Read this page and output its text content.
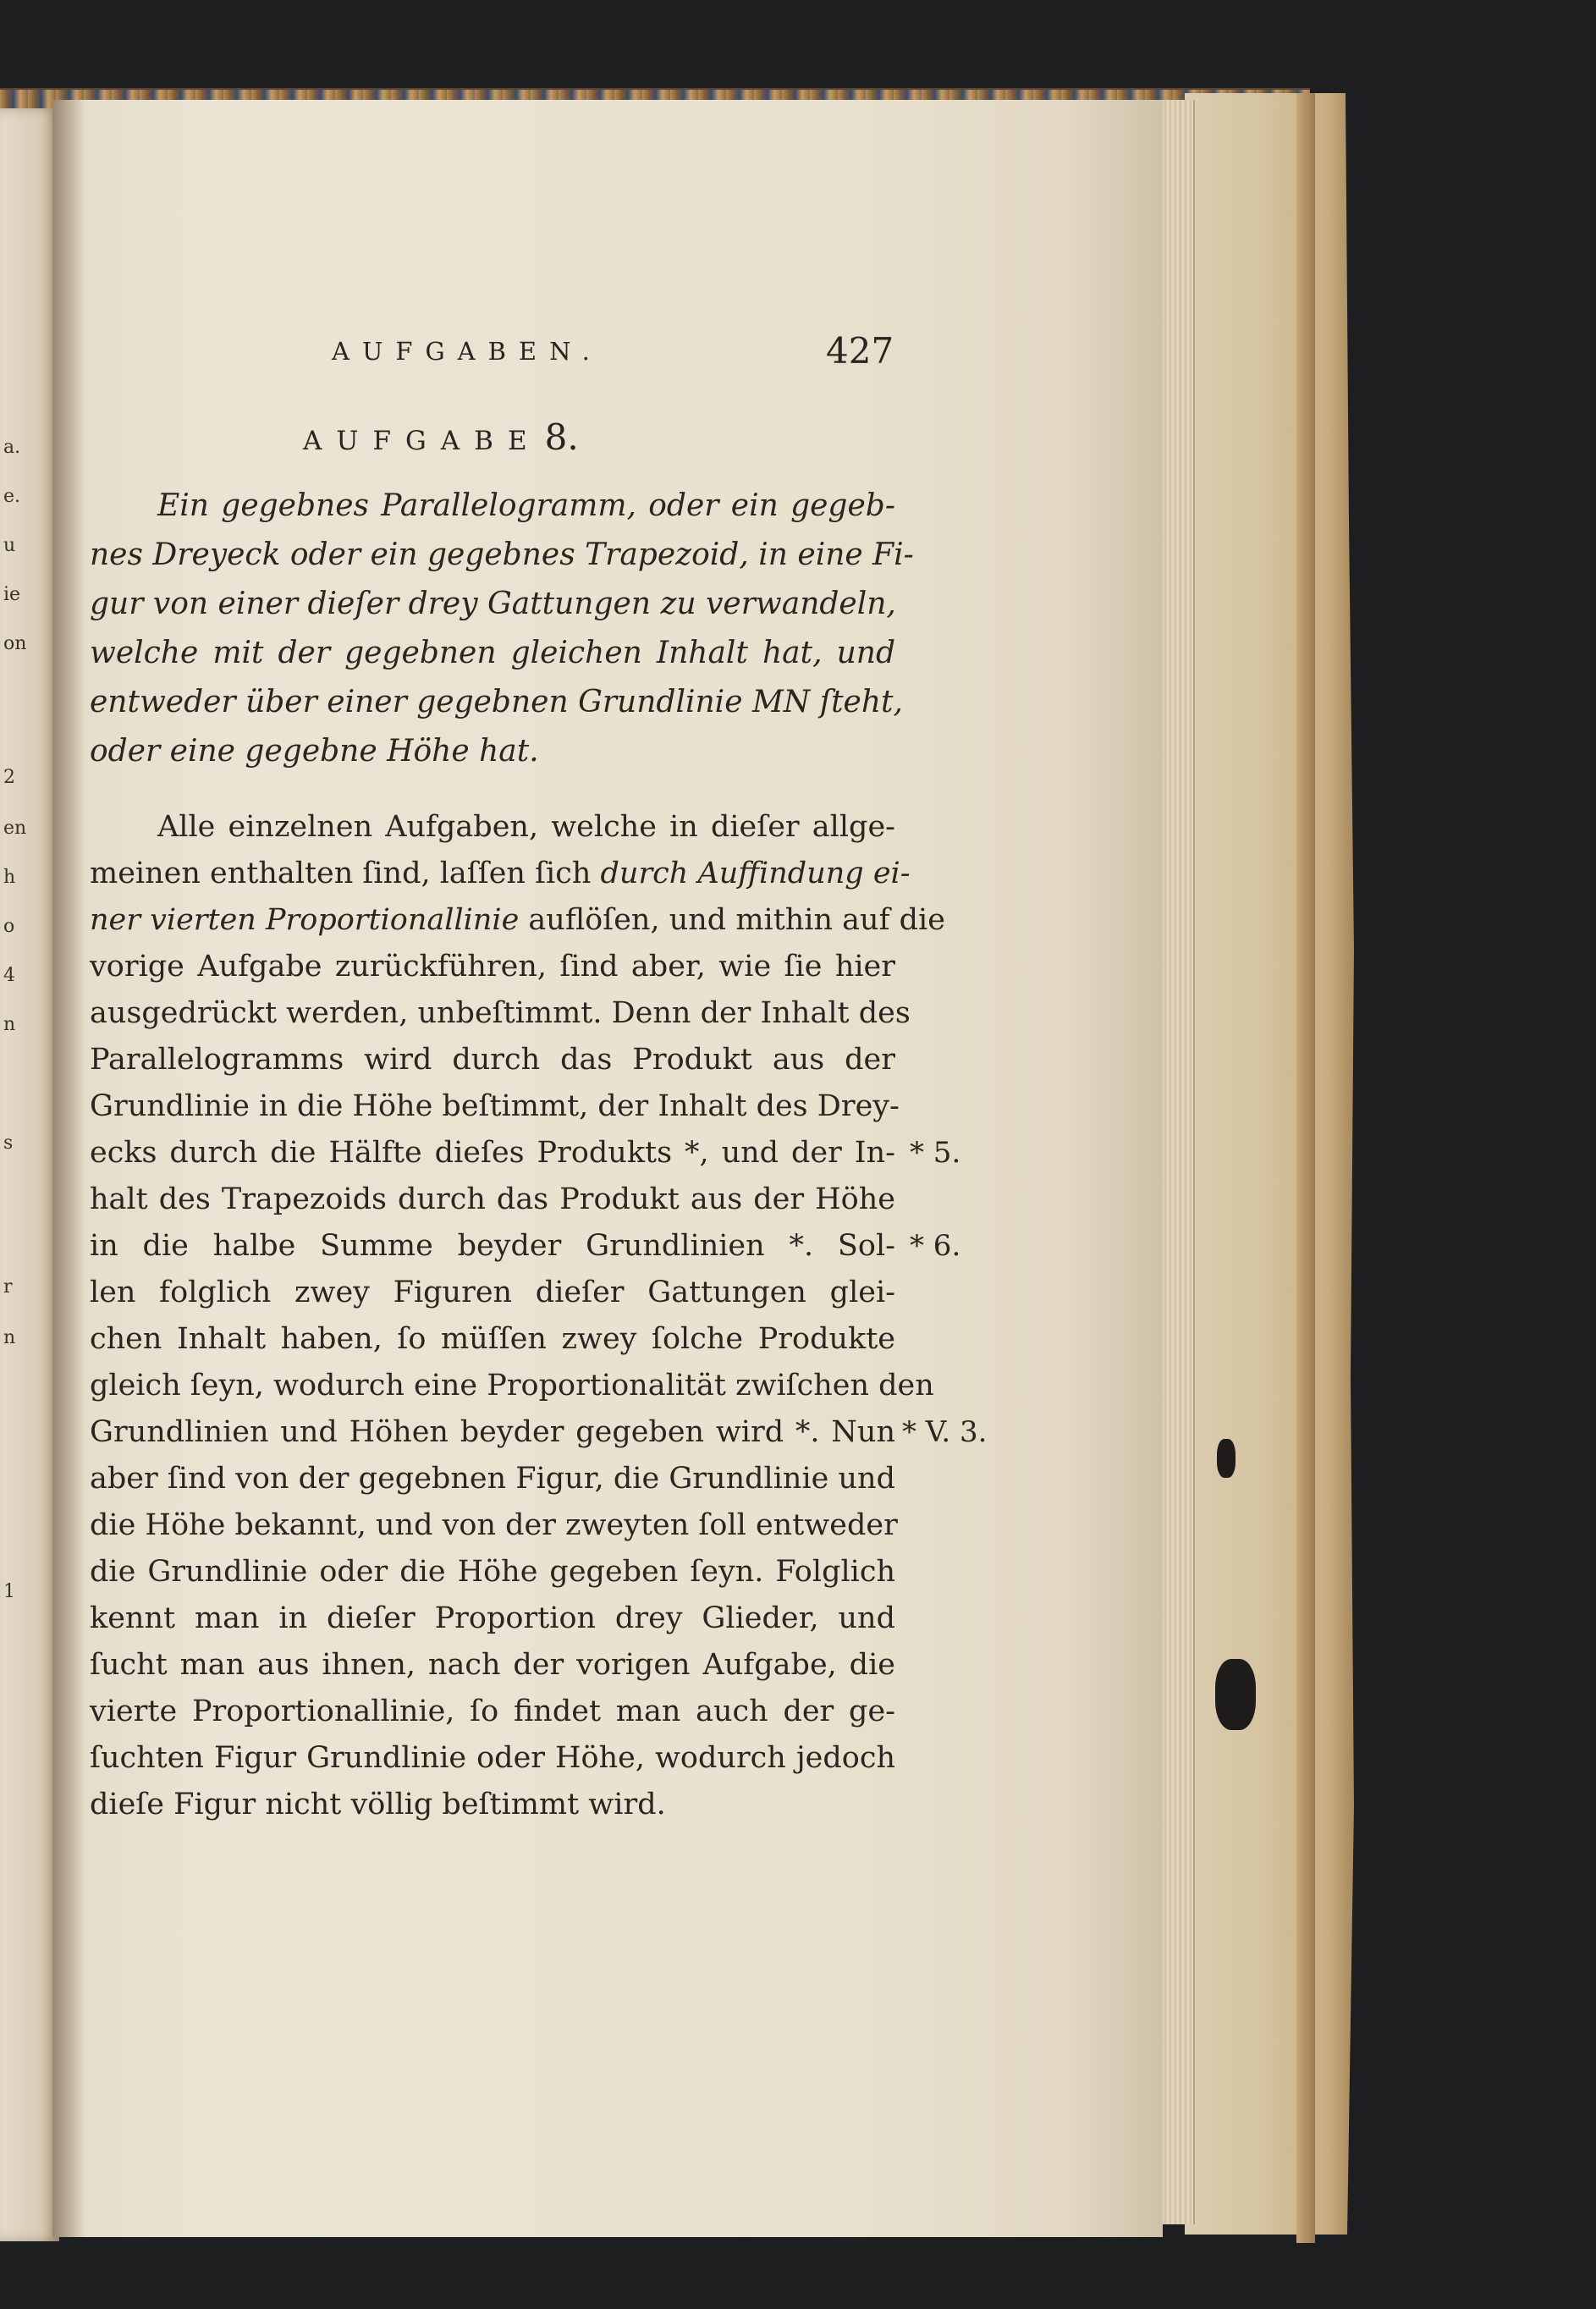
a.
e.
u
ie
on
2
en
h
o
4
n
s
r
n
1
AUFGABEN.	427
AUFGABE8.
Ein gegebnes Parallelogramm, oder ein gegeb-
nes Dreyeck oder ein gegebnes Trapezoid, in eine Fi-
gur von einer dieſer drey Gattungen zu verwandeln,
welche mit der gegebnen gleichen Inhalt hat, und
entweder über einer gegebnen Grundlinie MN ſteht,
oder eine gegebne Höhe hat.
Alle einzelnen Aufgaben, welche in dieſer allge-
meinen enthalten ſind, laſſen ſich durch Auffindung ei-
ner vierten Proportionallinie auflöſen, und mithin auf die
vorige Aufgabe zurückführen, ſind aber, wie ſie hier
ausgedrückt werden, unbeſtimmt. Denn der Inhalt des
Parallelogramms wird durch das Produkt aus der
Grundlinie in die Höhe beſtimmt, der Inhalt des Drey-
ecks durch die Hälfte dieſes Produkts *, und der In-
halt des Trapezoids durch das Produkt aus der Höhe
in die halbe Summe beyder Grundlinien *. Sol-
len folglich zwey Figuren dieſer Gattungen glei-
chen Inhalt haben, ſo müſſen zwey ſolche Produkte
gleich ſeyn, wodurch eine Proportionalität zwiſchen den
Grundlinien und Höhen beyder gegeben wird *. Nun
aber ſind von der gegebnen Figur, die Grundlinie und
die Höhe bekannt, und von der zweyten ſoll entweder
die Grundlinie oder die Höhe gegeben ſeyn. Folglich
kennt man in dieſer Proportion drey Glieder, und
ſucht man aus ihnen, nach der vorigen Aufgabe, die
vierte Proportionallinie, ſo findet man auch der ge-
ſuchten Figur Grundlinie oder Höhe, wodurch jedoch
dieſe Figur nicht völlig beſtimmt wird.
* 5.
* 6.
* V. 3.
